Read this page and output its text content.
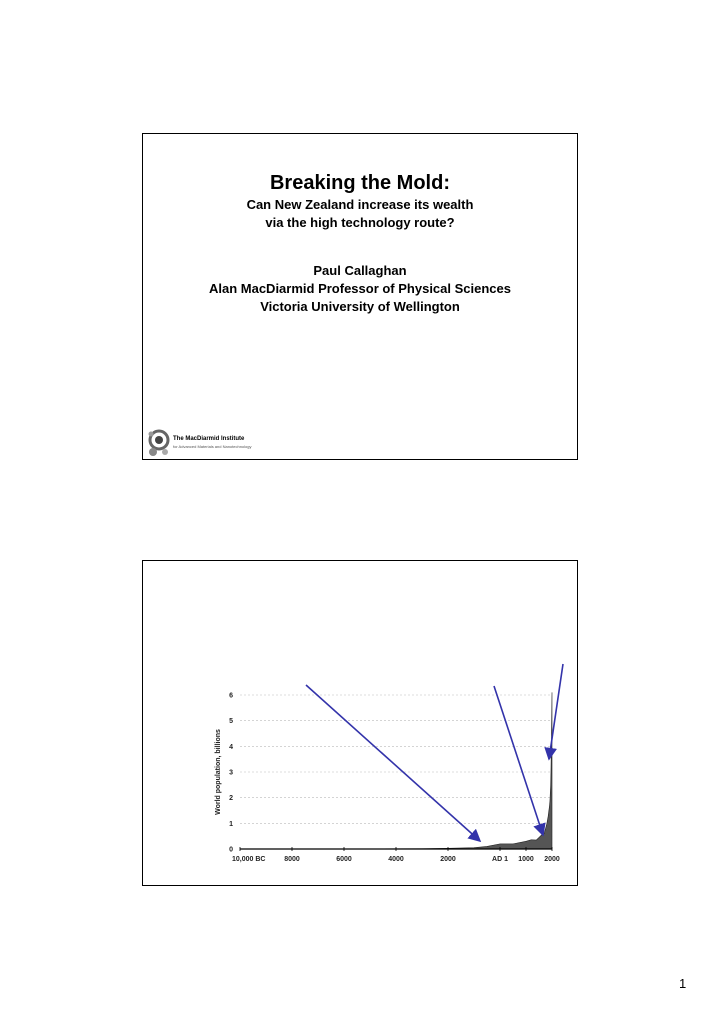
Breaking the Mold:
Can New Zealand increase its wealth
via the high technology route?
Paul Callaghan
Alan MacDiarmid Professor of Physical Sciences
Victoria University of Wellington
The MacDiarmid Institute
for Advanced Materials and Nanotechnology
0
1
2
3
4
5
6
World population, billions
10,000 BC	8000	6000	4000	2000	AD 1 1000 2000
1
